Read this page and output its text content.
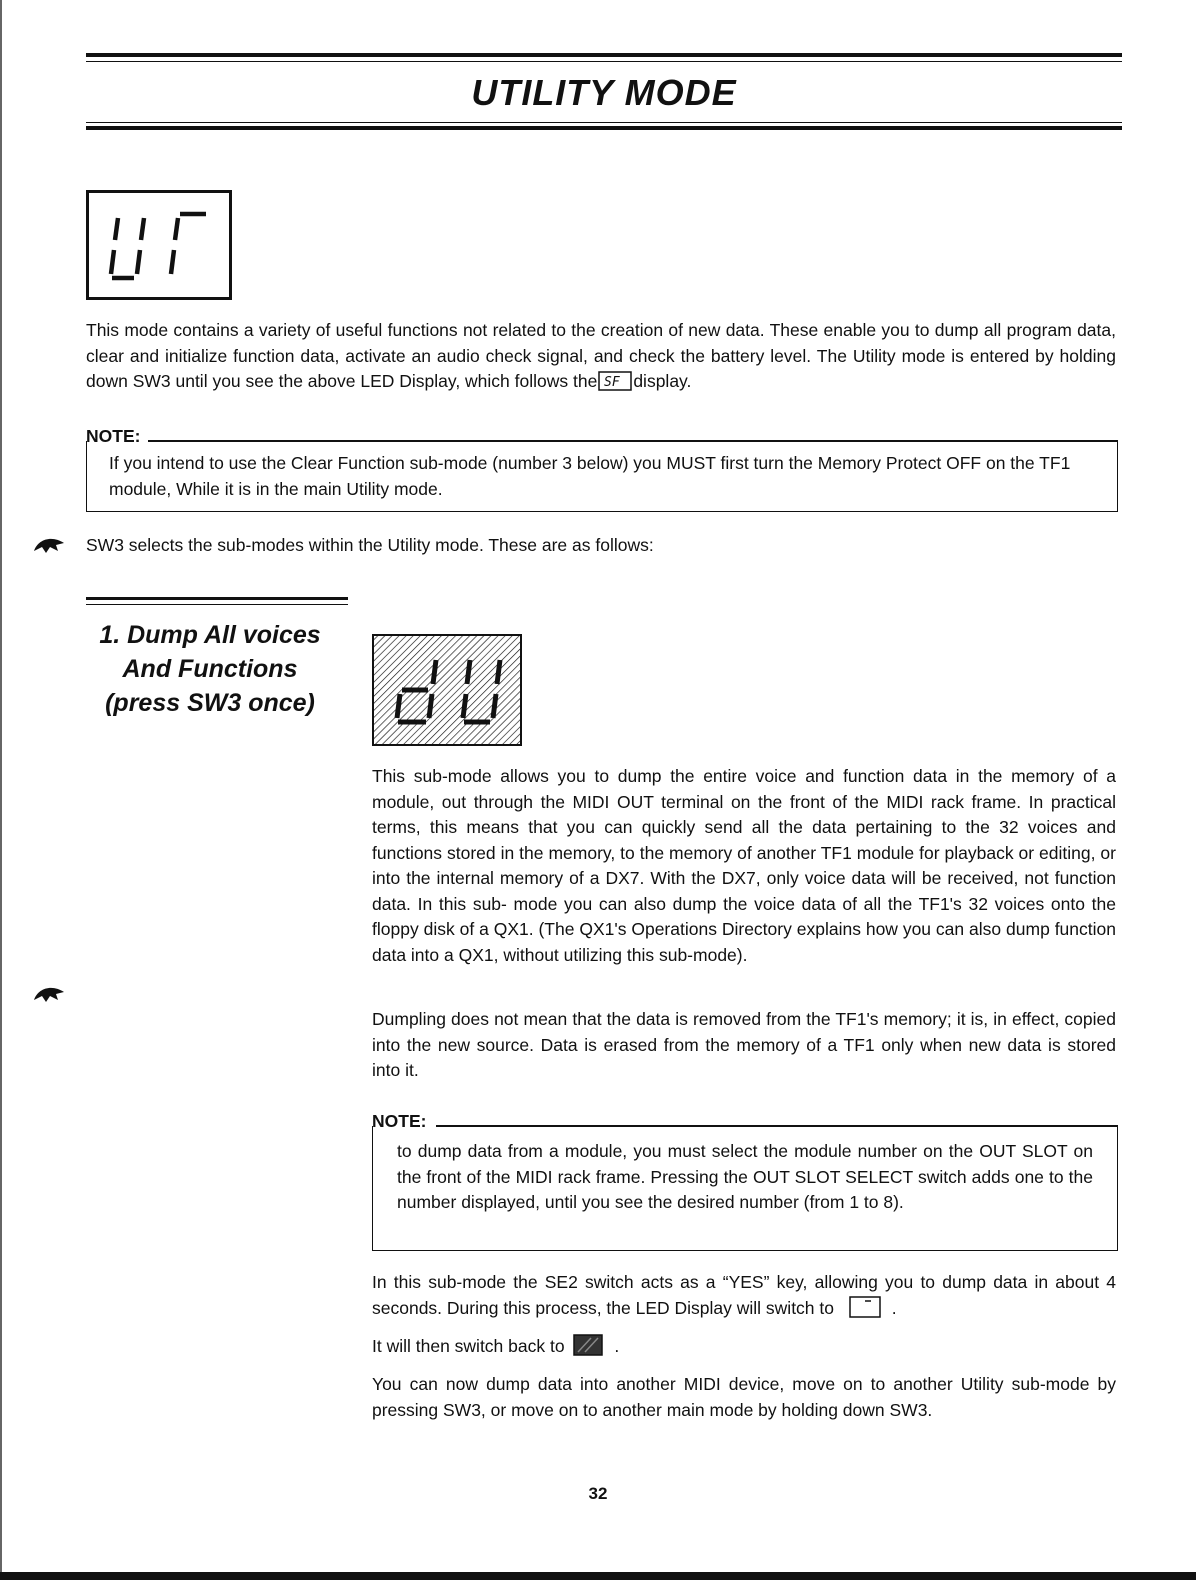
UTILITY MODE
This mode contains a variety of useful functions not related to the creation of new data. These enable you to dump all program data, clear and initialize function data, activate an audio check signal, and check the battery level. The Utility mode is entered by holding down SW3 until you see the above LED Display, which follows the SF display.
NOTE:
If you intend to use the Clear Function sub-mode (number 3 below) you MUST first turn the Memory Protect OFF on the TF1 module, While it is in the main Utility mode.
SW3 selects the sub-modes within the Utility mode. These are as follows:
1. Dump All voices
And Functions
(press SW3 once)
This sub-mode allows you to dump the entire voice and function data in the memory of a module, out through the MIDI OUT terminal on the front of the MIDI rack frame. In practical terms, this means that you can quickly send all the data pertaining to the 32 voices and functions stored in the memory, to the memory of another TF1 module for playback or editing, or into the internal memory of a DX7. With the DX7, only voice data will be received, not function data. In this sub- mode you can also dump the voice data of all the TF1's 32 voices onto the floppy disk of a QX1. (The QX1's Operations Directory explains how you can also dump function data into a QX1, without utilizing this sub-mode).
Dumpling does not mean that the data is removed from the TF1's memory; it is, in effect, copied into the new source. Data is erased from the memory of a TF1 only when new data is stored into it.
NOTE:
to dump data from a module, you must select the module number on the OUT SLOT on the front of the MIDI rack frame. Pressing the OUT SLOT SELECT switch adds one to the number displayed, until you see the desired number (from 1 to 8).
In this sub-mode the SE2 switch acts as a “YES” key, allowing you to dump data in about 4 seconds. During this process, the LED Display will switch to	.
It will then switch back to	.
You can now dump data into another MIDI device, move on to another Utility sub-mode by pressing SW3, or move on to another main mode by holding down SW3.
32
